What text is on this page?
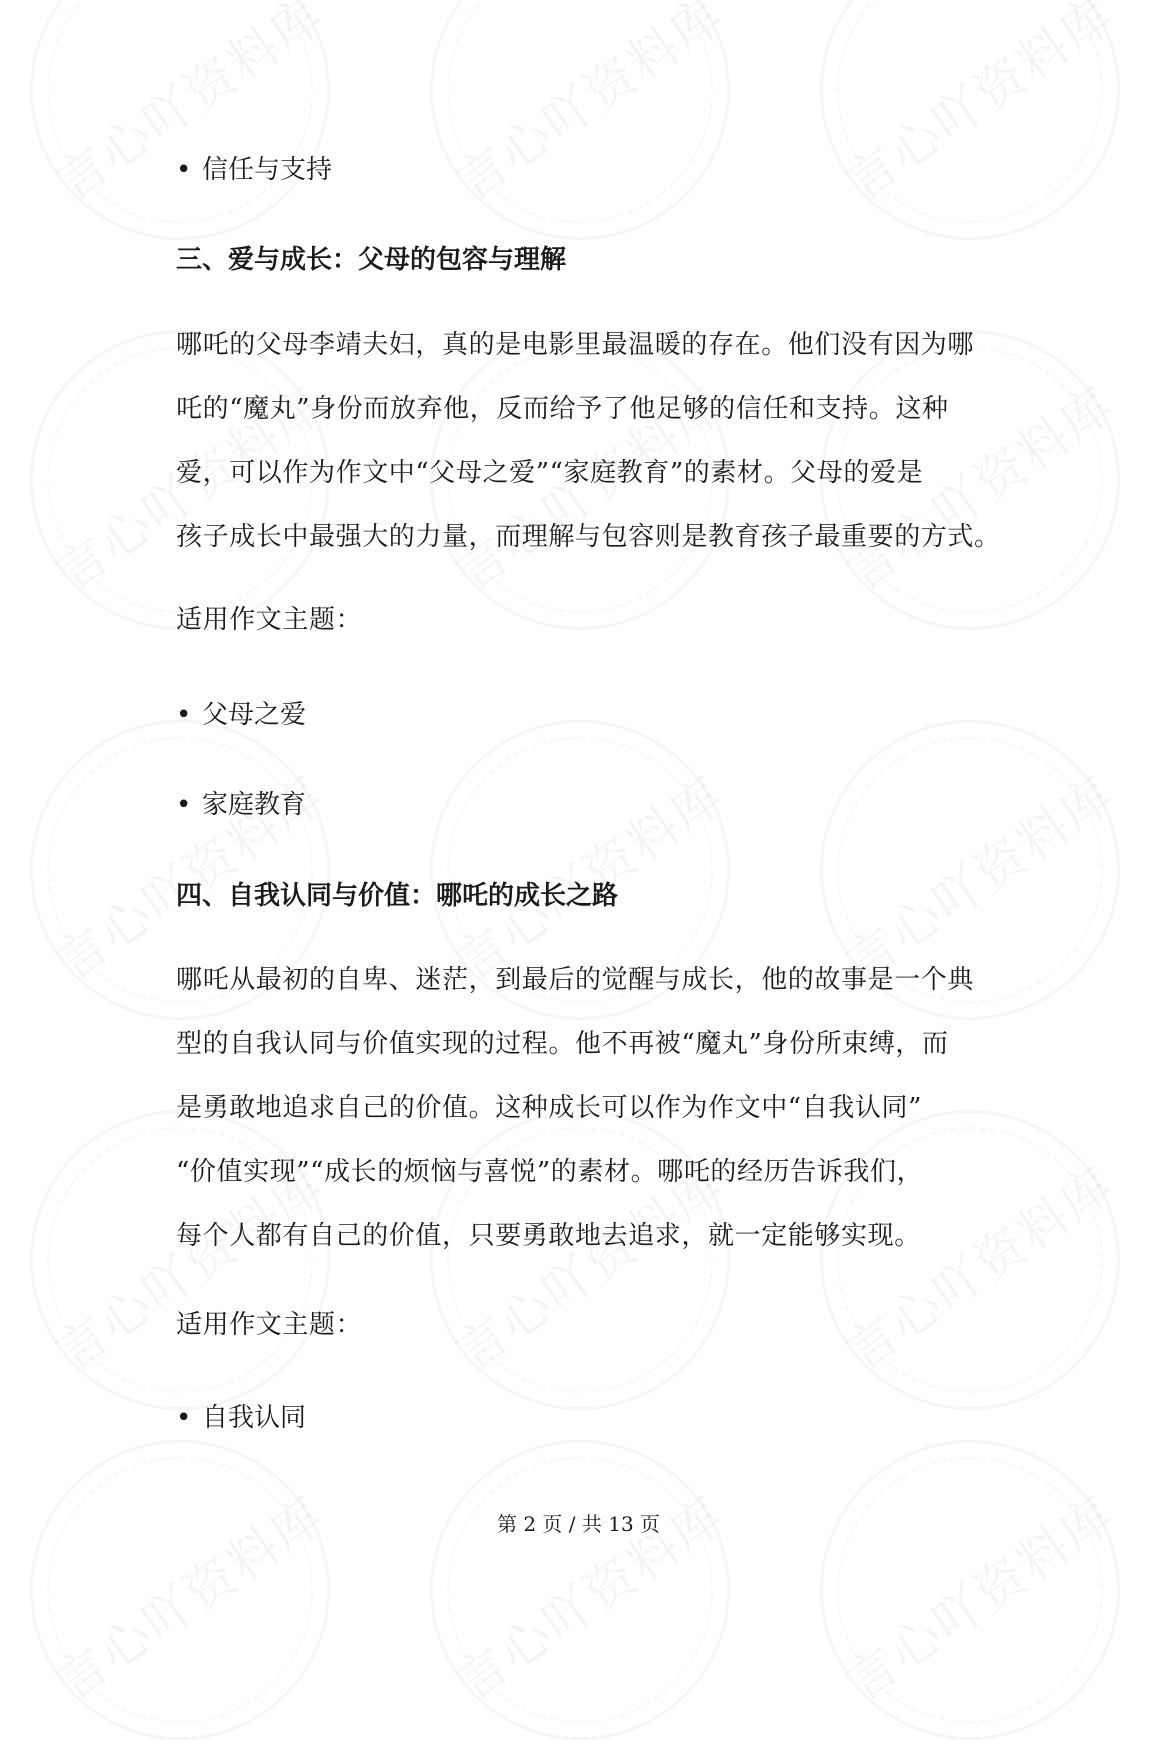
• 信任与支持
三、爱与成长：父母的包容与理解
哪吒的父母李靖夫妇，真的是电影里最温暖的存在。他们没有因为哪
吒的“魔丸”身份而放弃他，反而给予了他足够的信任和支持。这种
爱，可以作为作文中“父母之爱”“家庭教育”的素材。父母的爱是
孩子成长中最强大的力量，而理解与包容则是教育孩子最重要的方式。
适用作文主题：
• 父母之爱
• 家庭教育
四、自我认同与价值：哪吒的成长之路
哪吒从最初的自卑、迷茫，到最后的觉醒与成长，他的故事是一个典
型的自我认同与价值实现的过程。他不再被“魔丸”身份所束缚，而
是勇敢地追求自己的价值。这种成长可以作为作文中“自我认同”
“价值实现”“成长的烦恼与喜悦”的素材。哪吒的经历告诉我们，
每个人都有自己的价值，只要勇敢地去追求，就一定能够实现。
适用作文主题：
• 自我认同
第 2 页 / 共 13 页
